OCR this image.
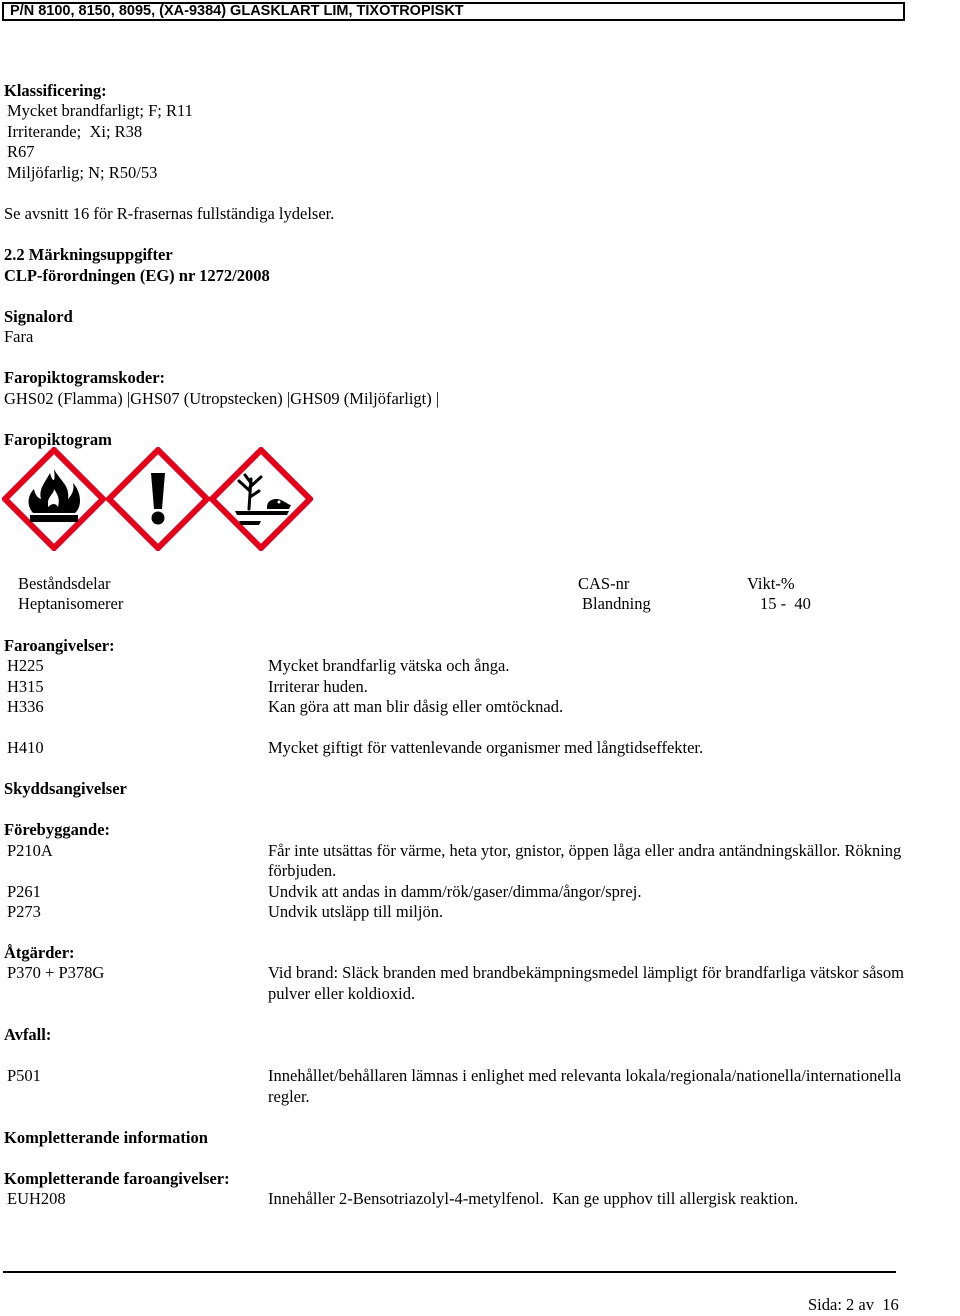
P/N 8100, 8150, 8095, (XA-9384) GLASKLART LIM, TIXOTROPISKT
Klassificering:
Mycket brandfarligt; F; R11
Irriterande;  Xi; R38
R67
Miljöfarlig; N; R50/53
Se avsnitt 16 för R-frasernas fullständiga lydelser.
2.2 Märkningsuppgifter
CLP-förordningen (EG) nr 1272/2008
Signalord
Fara
Faropiktogramskoder:
GHS02 (Flamma) |GHS07 (Utropstecken) |GHS09 (Miljöfarligt) |
Faropiktogram
Beståndsdelar	CAS-nr	Vikt-%
Heptanisomerer	Blandning	15 -  40
Faroangivelser:
H225	Mycket brandfarlig vätska och ånga.
H315	Irriterar huden.
H336	Kan göra att man blir dåsig eller omtöcknad.
H410	Mycket giftigt för vattenlevande organismer med långtidseffekter.
Skyddsangivelser
Förebyggande:
P210A	Får inte utsättas för värme, heta ytor, gnistor, öppen låga eller andra antändningskällor. Rökning
förbjuden.
P261	Undvik att andas in damm/rök/gaser/dimma/ångor/sprej.
P273	Undvik utsläpp till miljön.
Åtgärder:
P370 + P378G	Vid brand: Släck branden med brandbekämpningsmedel lämpligt för brandfarliga vätskor såsom
pulver eller koldioxid.
Avfall:
P501	Innehållet/behållaren lämnas i enlighet med relevanta lokala/regionala/nationella/internationella
regler.
Kompletterande information
Kompletterande faroangivelser:
EUH208	Innehåller 2-Bensotriazolyl-4-metylfenol.  Kan ge upphov till allergisk reaktion.
Sida: 2 av  16
